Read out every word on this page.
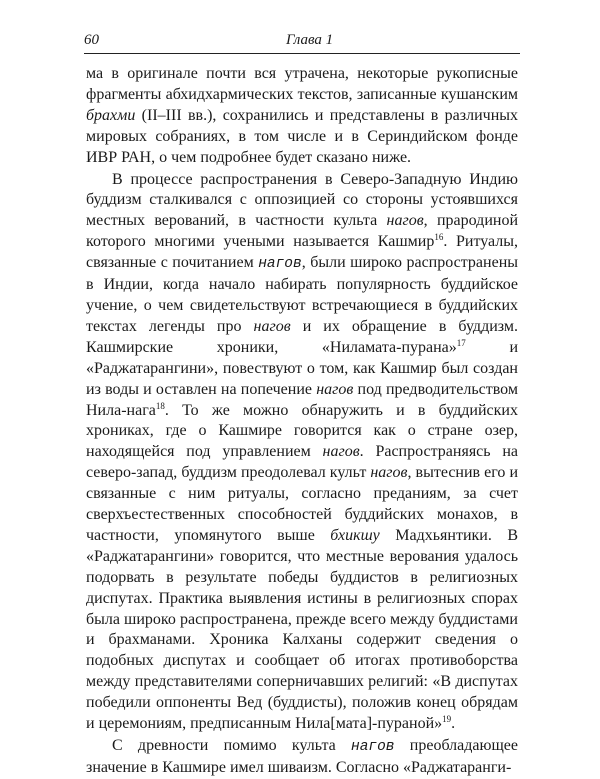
60	Глава 1

ма в оригинале почти вся утрачена, некоторые рукописные фрагменты абхидхармических текстов, записанные кушанским брахми (II–III вв.), сохранились и представлены в различных мировых собраниях, в том числе и в Сериндийском фонде ИВР РАН, о чем подробнее будет сказано ниже.

В процессе распространения в Северо-Западную Индию буддизм сталкивался с оппозицией со стороны устоявшихся местных верований, в частности культа нагов, прародиной которого многими учеными называется Кашмир$^{16}$. Ритуалы, связанные с почитанием нагов, были широко распространены в Индии, когда начало набирать популярность буддийское учение, о чем свидетельствуют встречающиеся в буддийских текстах легенды про нагов и их обращение в буддизм. Кашмирские хроники, «Ниламата-пурана»$^{17}$ и «Раджатарангини», повествуют о том, как Кашмир был создан из воды и оставлен на попечение нагов под предводительством Нила-нага$^{18}$. То же можно обнаружить и в буддийских хрониках, где о Кашмире говорится как о стране озер, находящейся под управлением нагов. Распространяясь на северо-запад, буддизм преодолевал культ нагов, вытеснив его и связанные с ним ритуалы, согласно преданиям, за счет сверхъестественных способностей буддийских монахов, в частности, упомянутого выше бхикшу Мадхьянтики. В «Раджатарангини» говорится, что местные верования удалось подорвать в результате победы буддистов в религиозных диспутах. Практика выявления истины в религиозных спорах была широко распространена, прежде всего между буддистами и брахманами. Хроника Калханы содержит сведения о подобных диспутах и сообщает об итогах противоборства между представителями соперничавших религий: «В диспутах победили оппоненты Вед (буддисты), положив конец обрядам и церемониям, предписанным Нила[мата]-пураной»$^{19}$.

С древности помимо культа нагов преобладающее значение в Кашмире имел шиваизм. Согласно «Раджатаранги-
